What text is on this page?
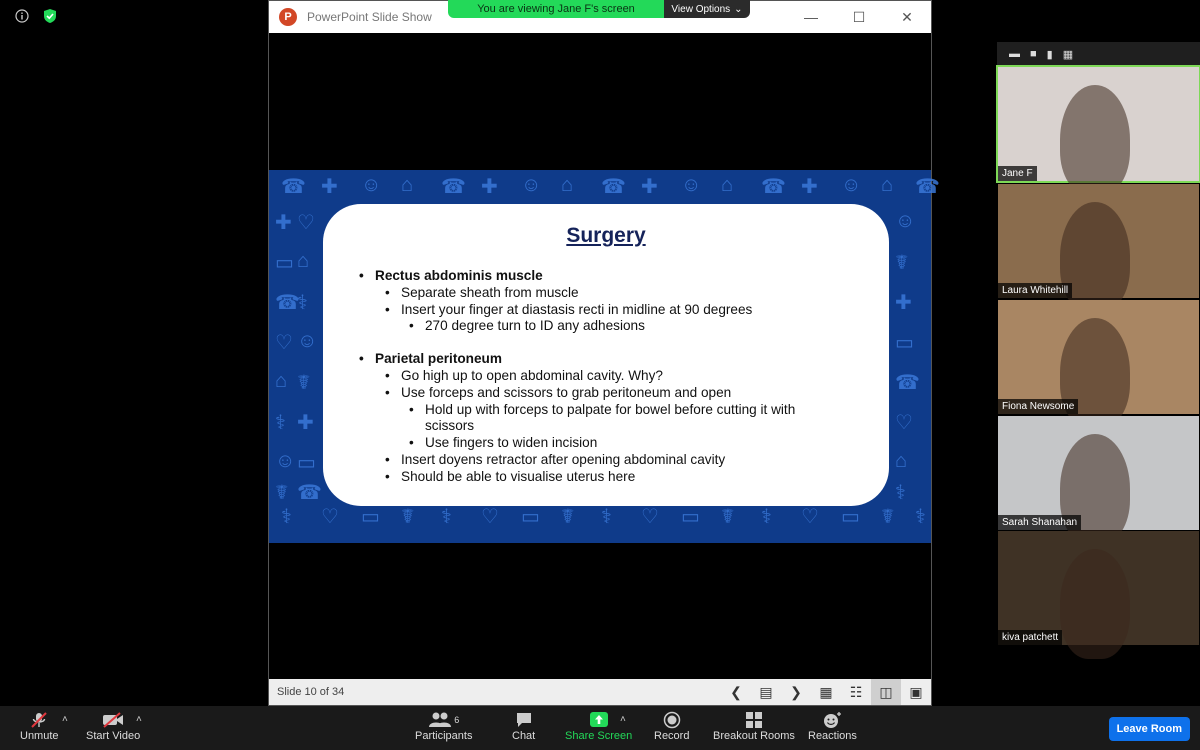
P	PowerPoint Slide Show	—	☐	✕
☎
⚕
✚
♡
☺
▭
⌂
☤
☎
⚕
✚
♡
☺
▭
⌂
☤
☎
⚕
✚
♡
☺
▭
⌂
☤
☎
⚕
✚
♡
☺
▭
⌂
☤
☎
⚕
✚ ♡	☺
▭ ⌂	☤
☎
⚕	✚
♡ ☺	▭
⌂ ☤	☎
⚕ ✚	♡
☺ ▭	⌂
☤ ☎	⚕
Surgery
• Rectus abdominis muscle
• Separate sheath from muscle
• Insert your finger at diastasis recti in midline at 90 degrees
• 270 degree turn to ID any adhesions
• Parietal peritoneum
• Go high up to open abdominal cavity. Why?
• Use forceps and scissors to grab peritoneum and open
• Hold up with forceps to palpate for bowel before cutting it with scissors
• Use fingers to widen incision
• Insert doyens retractor after opening abdominal cavity
• Should be able to visualise uterus here
Slide 10 of 34	❮	▤	❯	▦	☷	◫	▣
You are viewing Jane F's screen	View Options ⌄
▬ ■ ▮ ▦
Jane F
Laura Whitehill
Fiona Newsome
Sarah Shanahan
kiva patchett
Unmute
˄
Start Video
˄	6
Participants	Chat	Share Screen
˄
Record Breakout Rooms Reactions
Leave Room
